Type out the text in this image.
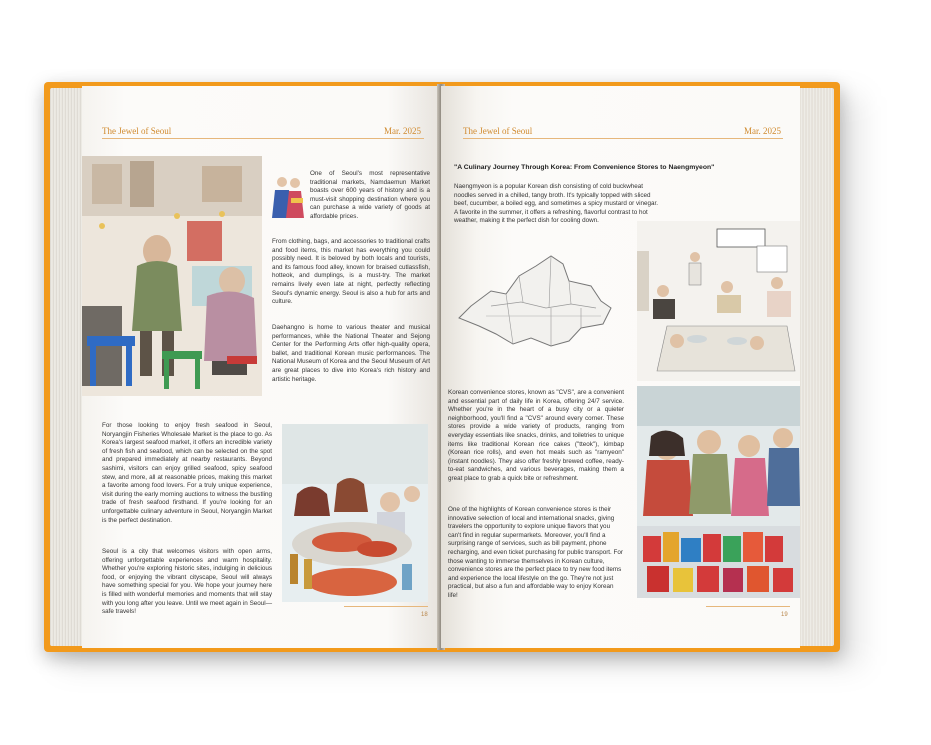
The Jewel of Seoul	Mar. 2025
One of Seoul's most representative traditional markets, Namdaemun Market boasts over 600 years of history and is a must-visit shopping destination where you can purchase a wide variety of goods at affordable prices.
From clothing, bags, and accessories to traditional crafts and food items, this market has everything you could possibly need. It is beloved by both locals and tourists, and its famous food alley, known for braised cutlassfish, hotteok, and dumplings, is a must-try. The market remains lively even late at night, perfectly reflecting Seoul's dynamic energy. Seoul is also a hub for arts and culture.
Daehangno is home to various theater and musical performances, while the National Theater and Sejong Center for the Performing Arts offer high-quality opera, ballet, and traditional Korean music performances. The National Museum of Korea and the Seoul Museum of Art are great places to dive into Korea's rich history and artistic heritage.
For those looking to enjoy fresh seafood in Seoul, Noryangjin Fisheries Wholesale Market is the place to go. As Korea's largest seafood market, it offers an incredible variety of fresh fish and seafood, which can be selected on the spot and prepared immediately at nearby restaurants. Beyond sashimi, visitors can enjoy grilled seafood, spicy seafood stew, and more, all at reasonable prices, making this market a favorite among food lovers. For a truly unique experience, visit during the early morning auctions to witness the bustling trade of fresh seafood firsthand. If you're looking for an unforgettable culinary adventure in Seoul, Noryangjin Market is the perfect destination.
Seoul is a city that welcomes visitors with open arms, offering unforgettable experiences and warm hospitality. Whether you're exploring historic sites, indulging in delicious food, or enjoying the vibrant cityscape, Seoul will always have something special for you. We hope your journey here is filled with wonderful memories and moments that will stay with you long after you leave. Until we meet again in Seoul—safe travels!	18
The Jewel of Seoul	Mar. 2025
"A Culinary Journey Through Korea: From Convenience Stores to Naengmyeon"
Naengmyeon is a popular Korean dish consisting of cold buckwheat noodles served in a chilled, tangy broth. It's typically topped with sliced beef, cucumber, a boiled egg, and sometimes a spicy mustard or vinegar. A favorite in the summer, it offers a refreshing, flavorful contrast to hot weather, making it the perfect dish for cooling down.
Korean convenience stores, known as "CVS", are a convenient and essential part of daily life in Korea, offering 24/7 service. Whether you're in the heart of a busy city or a quieter neighborhood, you'll find a "CVS" around every corner. These stores provide a wide variety of products, ranging from everyday essentials like snacks, drinks, and toiletries to unique items like traditional Korean rice cakes ("tteok"), kimbap (Korean rice rolls), and even hot meals such as "ramyeon" (instant noodles). They also offer freshly brewed coffee, ready-to-eat sandwiches, and various beverages, making them a great place to grab a quick bite or refreshment.
One of the highlights of Korean convenience stores is their innovative selection of local and international snacks, giving travelers the opportunity to explore unique flavors that you can't find in regular supermarkets. Moreover, you'll find a surprising range of services, such as bill payment, phone recharging, and even ticket purchasing for public transport. For those wanting to immerse themselves in Korean culture, convenience stores are the perfect place to try new food items and experience the local lifestyle on the go. They're not just practical, but also a fun and affordable way to enjoy Korean life!
19
